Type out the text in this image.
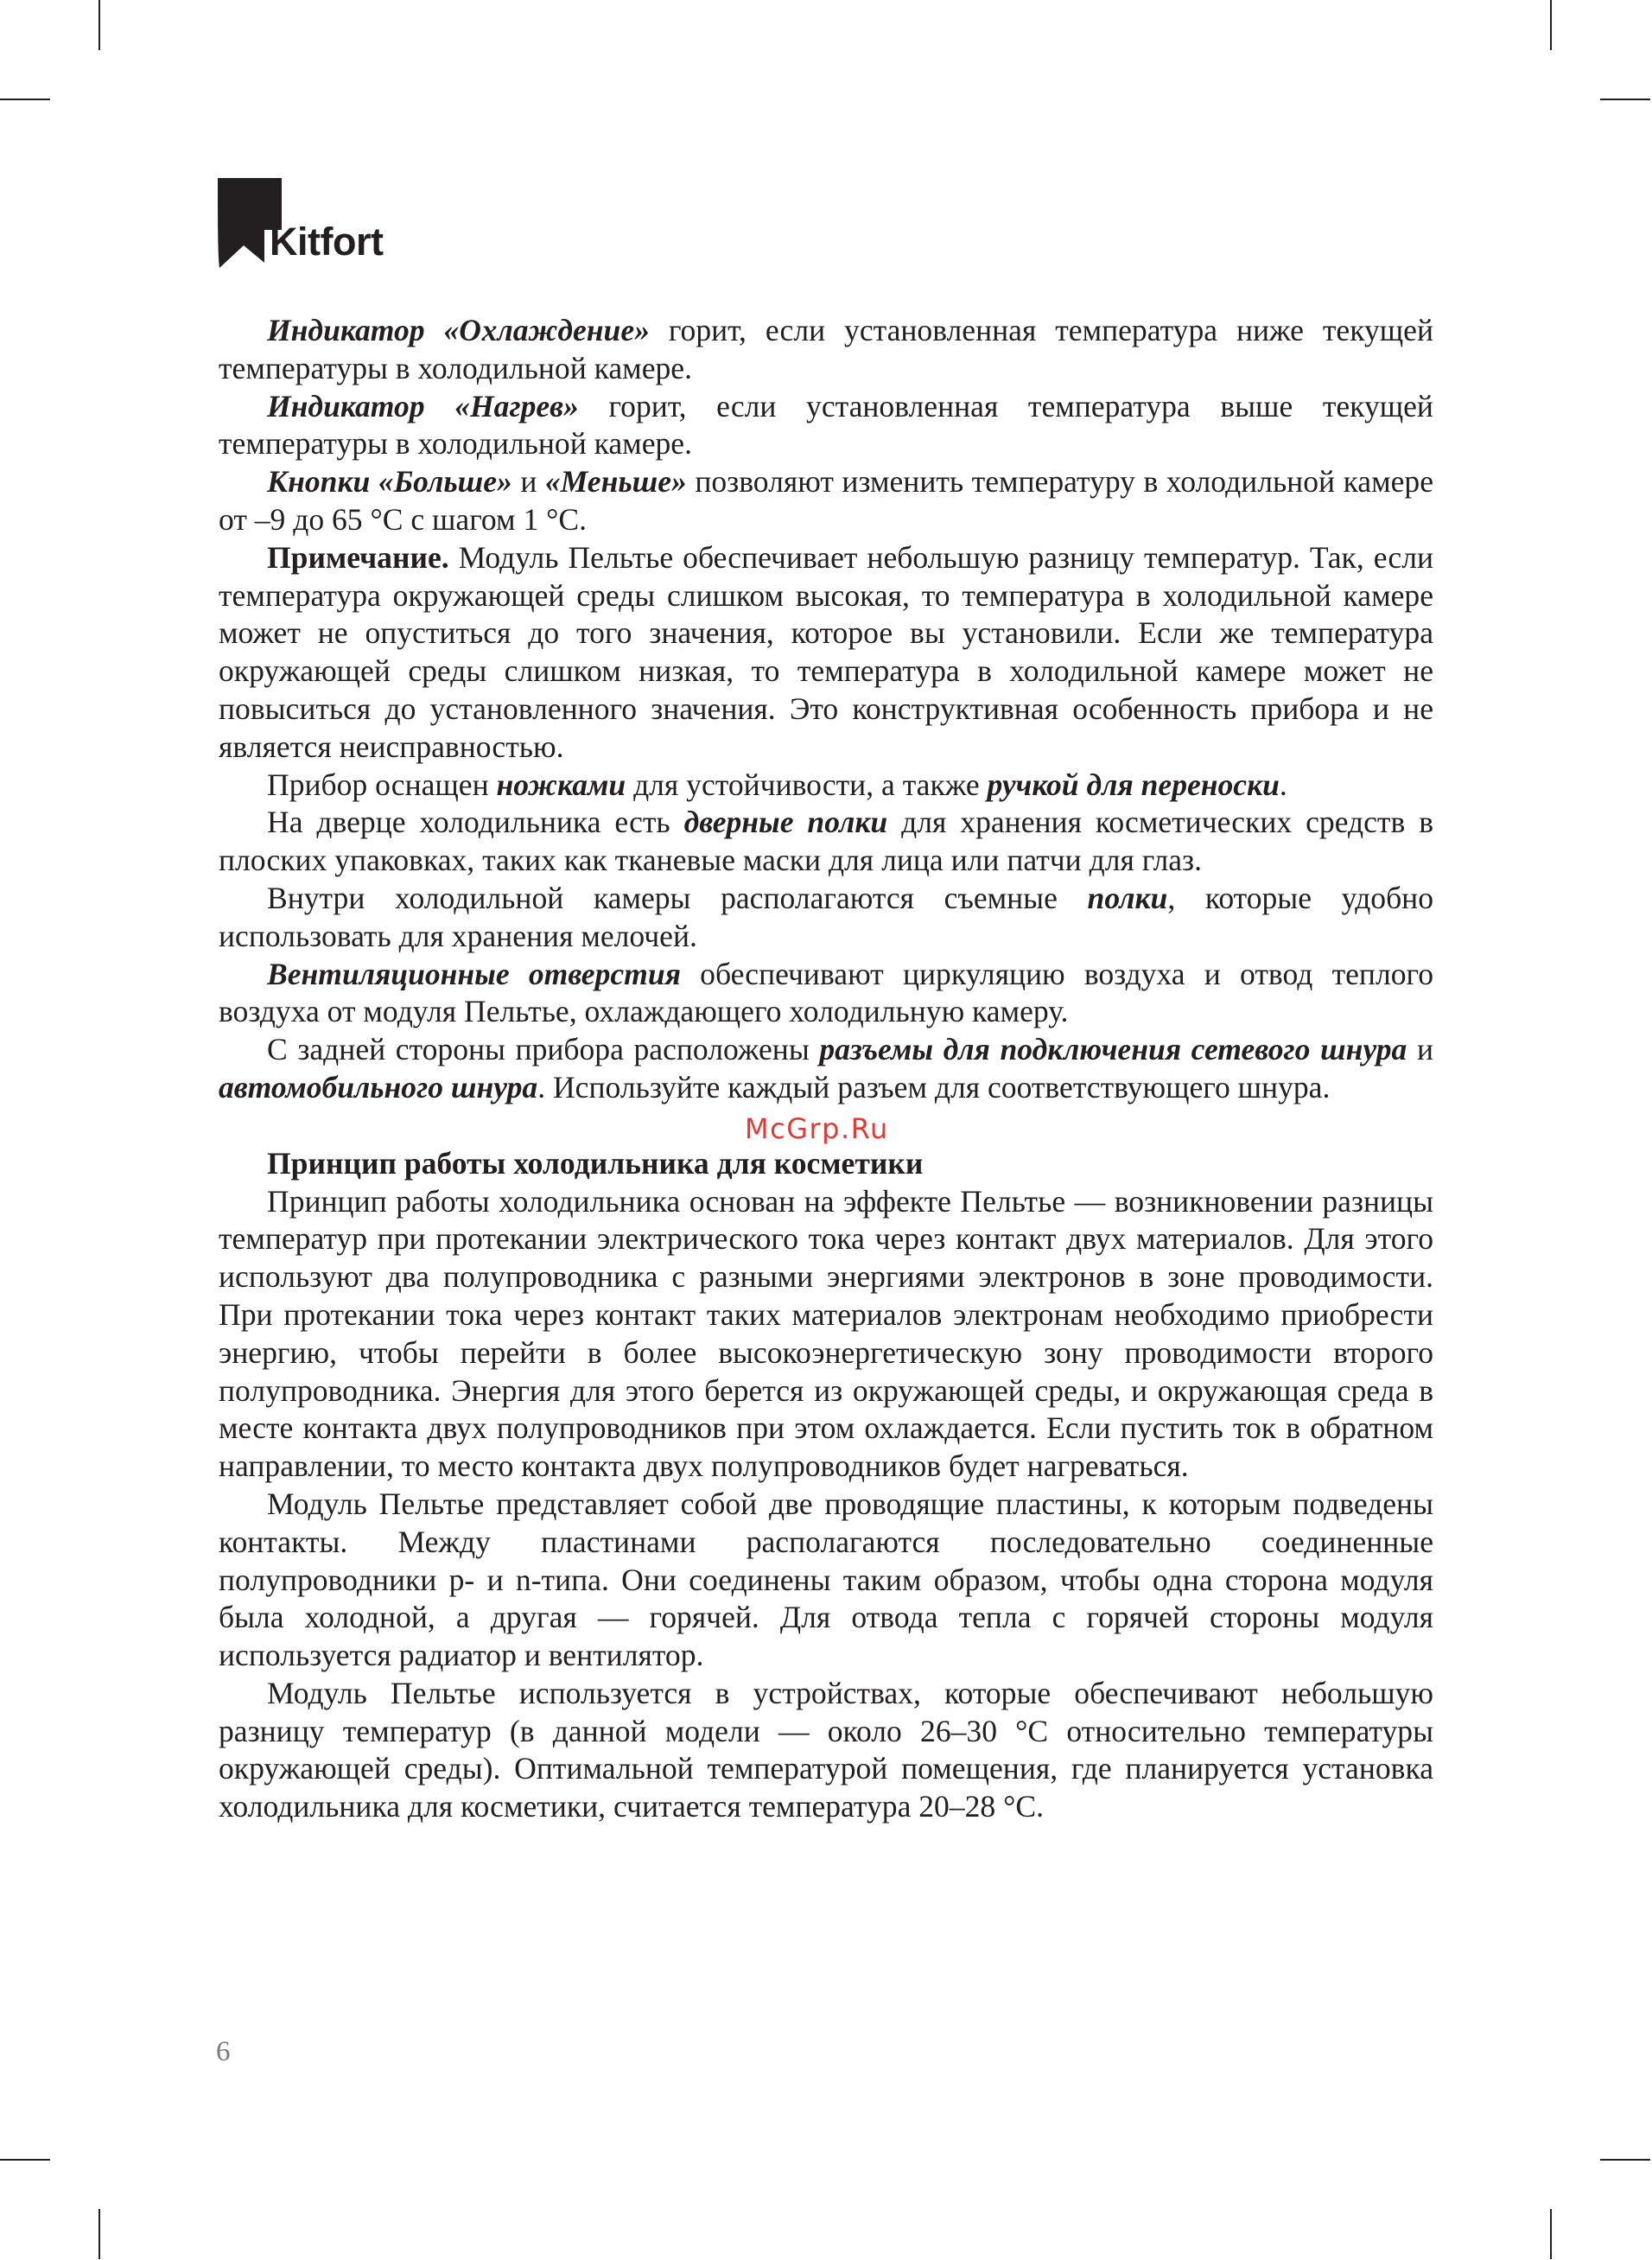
Kitfort

Индикатор «Охлаждение» горит, если установленная температура ниже текущей температуры в холодильной камере.

Индикатор «Нагрев» горит, если установленная температура выше текущей температуры в холодильной камере.

Кнопки «Больше» и «Меньше» позволяют изменить температуру в холодильной камере от –9 до 65 °С с шагом 1 °С.

Примечание. Модуль Пельтье обеспечивает небольшую разницу температур. Так, если температура окружающей среды слишком высокая, то температура в холодильной камере может не опуститься до того значения, которое вы установили. Если же температура окружающей среды слишком низкая, то температура в холодильной камере может не повыситься до установленного значения. Это конструктивная особенность прибора и не является неисправностью.

Прибор оснащен ножками для устойчивости, а также ручкой для переноски.

На дверце холодильника есть дверные полки для хранения косметических средств в плоских упаковках, таких как тканевые маски для лица или патчи для глаз.

Внутри холодильной камеры располагаются съемные полки, которые удобно использовать для хранения мелочей.

Вентиляционные отверстия обеспечивают циркуляцию воздуха и отвод теплого воздуха от модуля Пельтье, охлаждающего холодильную камеру.

С задней стороны прибора расположены разъемы для подключения сетевого шнура и автомобильного шнура. Используйте каждый разъем для соответствующего шнура.

Принцип работы холодильника для косметики

Принцип работы холодильника основан на эффекте Пельтье — возникновении разницы температур при протекании электрического тока через контакт двух материалов. Для этого используют два полупроводника с разными энергиями электронов в зоне проводимости. При протекании тока через контакт таких материалов электронам необходимо приобрести энергию, чтобы перейти в более высокоэнергетическую зону проводимости второго полупроводника. Энергия для этого берется из окружающей среды, и окружающая среда в месте контакта двух полупроводников при этом охлаждается. Если пустить ток в обратном направлении, то место контакта двух полупроводников будет нагреваться.

Модуль Пельтье представляет собой две проводящие пластины, к которым подведены контакты. Между пластинами располагаются последовательно соединенные полупроводники p- и n-типа. Они соединены таким образом, чтобы одна сторона модуля была холодной, а другая — горячей. Для отвода тепла с горячей стороны модуля используется радиатор и вентилятор.

Модуль Пельтье используется в устройствах, которые обеспечивают небольшую разницу температур (в данной модели — около 26–30 °С относительно температуры окружающей среды). Оптимальной температурой помещения, где планируется установка холодильника для косметики, считается температура 20–28 °С.

McGrp.Ru
6
